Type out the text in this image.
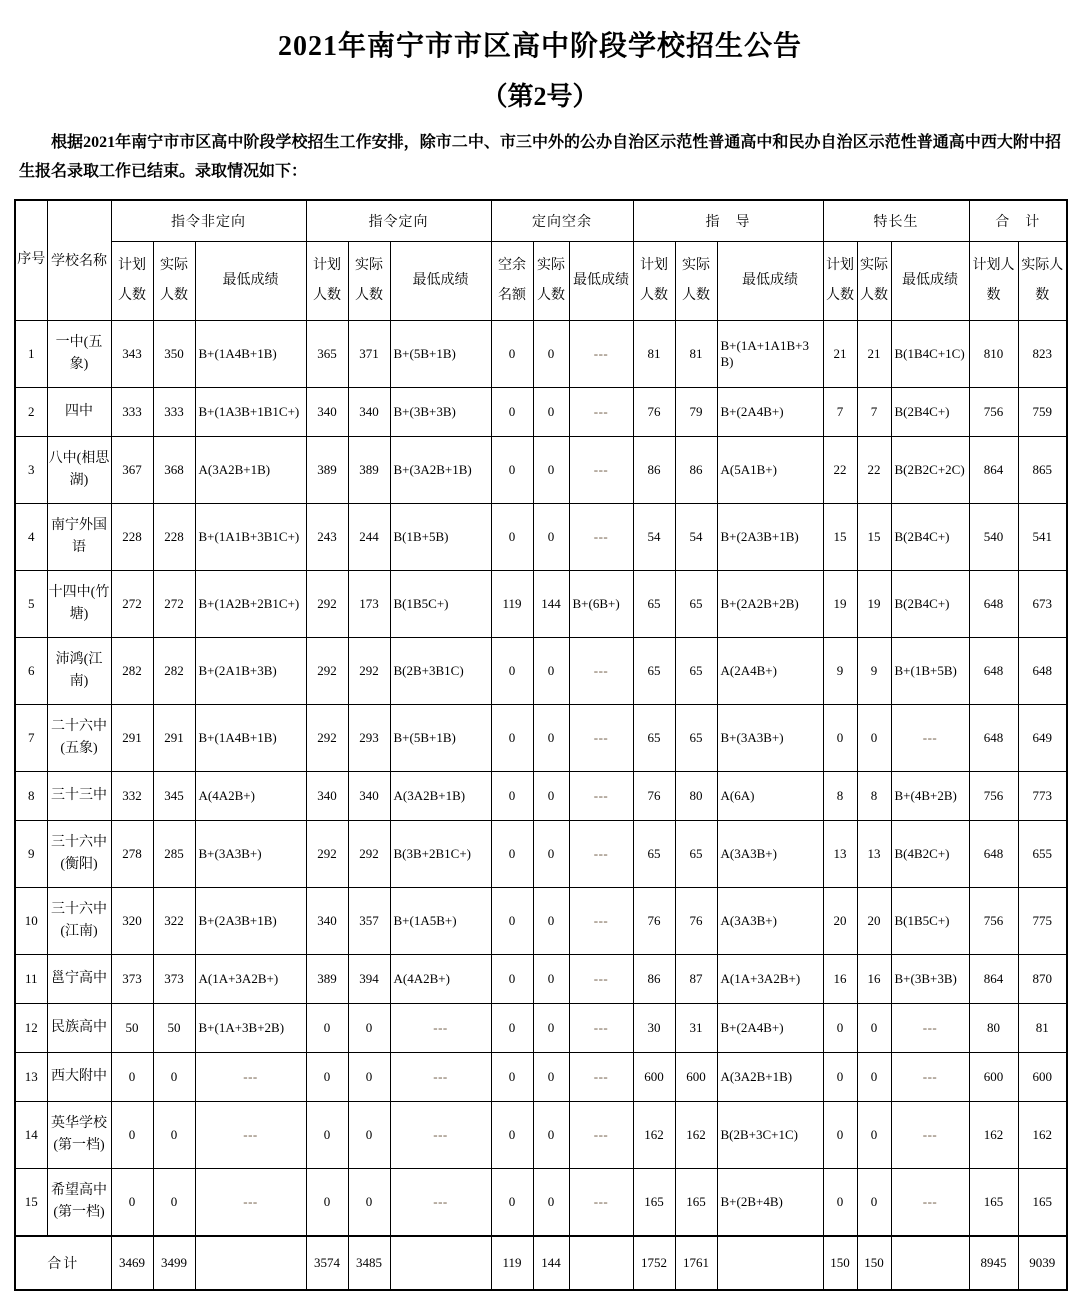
2021年南宁市市区高中阶段学校招生公告
（第2号）

根据2021年南宁市市区高中阶段学校招生工作安排，除市二中、市三中外的公办自治区示范性普通高中和民办自治区示范性普通高中西大附中招生报名录取工作已结束。录取情况如下：

序号	学校名称	指令非定向			指令定向			定向空余			指　导			特长生			合　计	
		计划人数	实际人数	最低成绩	计划人数	实际人数	最低成绩	空余名额	实际人数	最低成绩	计划人数	实际人数	最低成绩	计划人数	实际人数	最低成绩	计划人数	实际人数
1	一中(五象)	343	350	B+(1A4B+1B)	365	371	B+(5B+1B)	0	0	---	81	81	B+(1A+1A1B+3B)	21	21	B(1B4C+1C)	810	823
2	四中	333	333	B+(1A3B+1B1C+)	340	340	B+(3B+3B)	0	0	---	76	79	B+(2A4B+)	7	7	B(2B4C+)	756	759
3	八中(相思湖)	367	368	A(3A2B+1B)	389	389	B+(3A2B+1B)	0	0	---	86	86	A(5A1B+)	22	22	B(2B2C+2C)	864	865
4	南宁外国语	228	228	B+(1A1B+3B1C+)	243	244	B(1B+5B)	0	0	---	54	54	B+(2A3B+1B)	15	15	B(2B4C+)	540	541
5	十四中(竹塘)	272	272	B+(1A2B+2B1C+)	292	173	B(1B5C+)	119	144	B+(6B+)	65	65	B+(2A2B+2B)	19	19	B(2B4C+)	648	673
6	沛鸿(江南)	282	282	B+(2A1B+3B)	292	292	B(2B+3B1C)	0	0	---	65	65	A(2A4B+)	9	9	B+(1B+5B)	648	648
7	二十六中(五象)	291	291	B+(1A4B+1B)	292	293	B+(5B+1B)	0	0	---	65	65	B+(3A3B+)	0	0	---	648	649
8	三十三中	332	345	A(4A2B+)	340	340	A(3A2B+1B)	0	0	---	76	80	A(6A)	8	8	B+(4B+2B)	756	773
9	三十六中(衡阳)	278	285	B+(3A3B+)	292	292	B(3B+2B1C+)	0	0	---	65	65	A(3A3B+)	13	13	B(4B2C+)	648	655
10	三十六中(江南)	320	322	B+(2A3B+1B)	340	357	B+(1A5B+)	0	0	---	76	76	A(3A3B+)	20	20	B(1B5C+)	756	775
11	邕宁高中	373	373	A(1A+3A2B+)	389	394	A(4A2B+)	0	0	---	86	87	A(1A+3A2B+)	16	16	B+(3B+3B)	864	870
12	民族高中	50	50	B+(1A+3B+2B)	0	0	---	0	0	---	30	31	B+(2A4B+)	0	0	---	80	81
13	西大附中	0	0	---	0	0	---	0	0	---	600	600	A(3A2B+1B)	0	0	---	600	600
14	英华学校(第一档)	0	0	---	0	0	---	0	0	---	162	162	B(2B+3C+1C)	0	0	---	162	162
15	希望高中(第一档)	0	0	---	0	0	---	0	0	---	165	165	B+(2B+4B)	0	0	---	165	165
合计		3469	3499		3574	3485		119	144		1752	1761		150	150		8945	9039
